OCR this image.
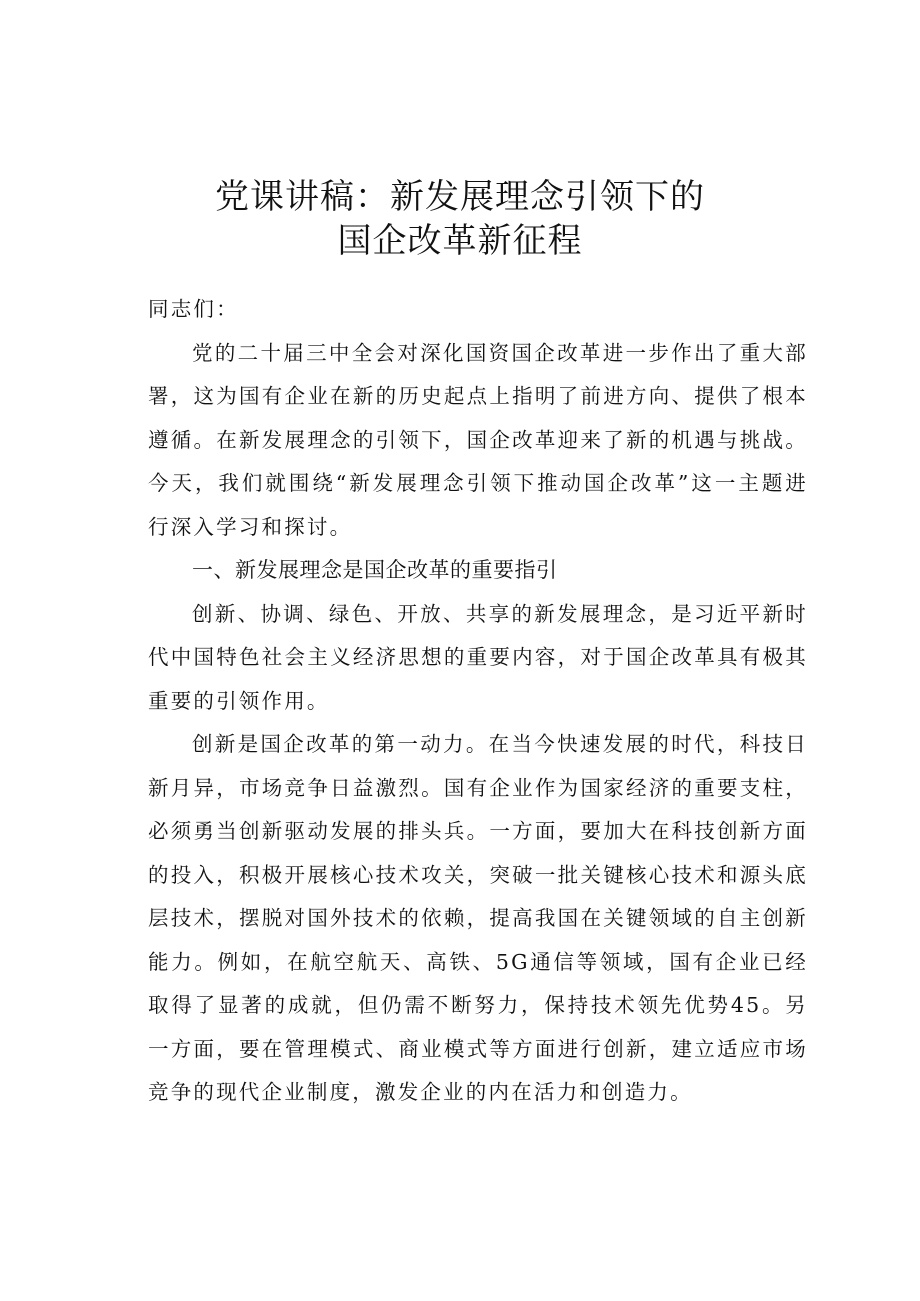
党课讲稿：新发展理念引领下的
国企改革新征程

同志们：

党的二十届三中全会对深化国资国企改革进一步作出了重大部署，这为国有企业在新的历史起点上指明了前进方向、提供了根本遵循。在新发展理念的引领下，国企改革迎来了新的机遇与挑战。今天，我们就围绕“新发展理念引领下推动国企改革”这一主题进行深入学习和探讨。

一、新发展理念是国企改革的重要指引

创新、协调、绿色、开放、共享的新发展理念，是习近平新时代中国特色社会主义经济思想的重要内容，对于国企改革具有极其重要的引领作用。

创新是国企改革的第一动力。在当今快速发展的时代，科技日新月异，市场竞争日益激烈。国有企业作为国家经济的重要支柱，必须勇当创新驱动发展的排头兵。一方面，要加大在科技创新方面的投入，积极开展核心技术攻关，突破一批关键核心技术和源头底层技术，摆脱对国外技术的依赖，提高我国在关键领域的自主创新能力。例如，在航空航天、高铁、5G通信等领域，国有企业已经取得了显著的成就，但仍需不断努力，保持技术领先优势45。另一方面，要在管理模式、商业模式等方面进行创新，建立适应市场竞争的现代企业制度，激发企业的内在活力和创造力。
